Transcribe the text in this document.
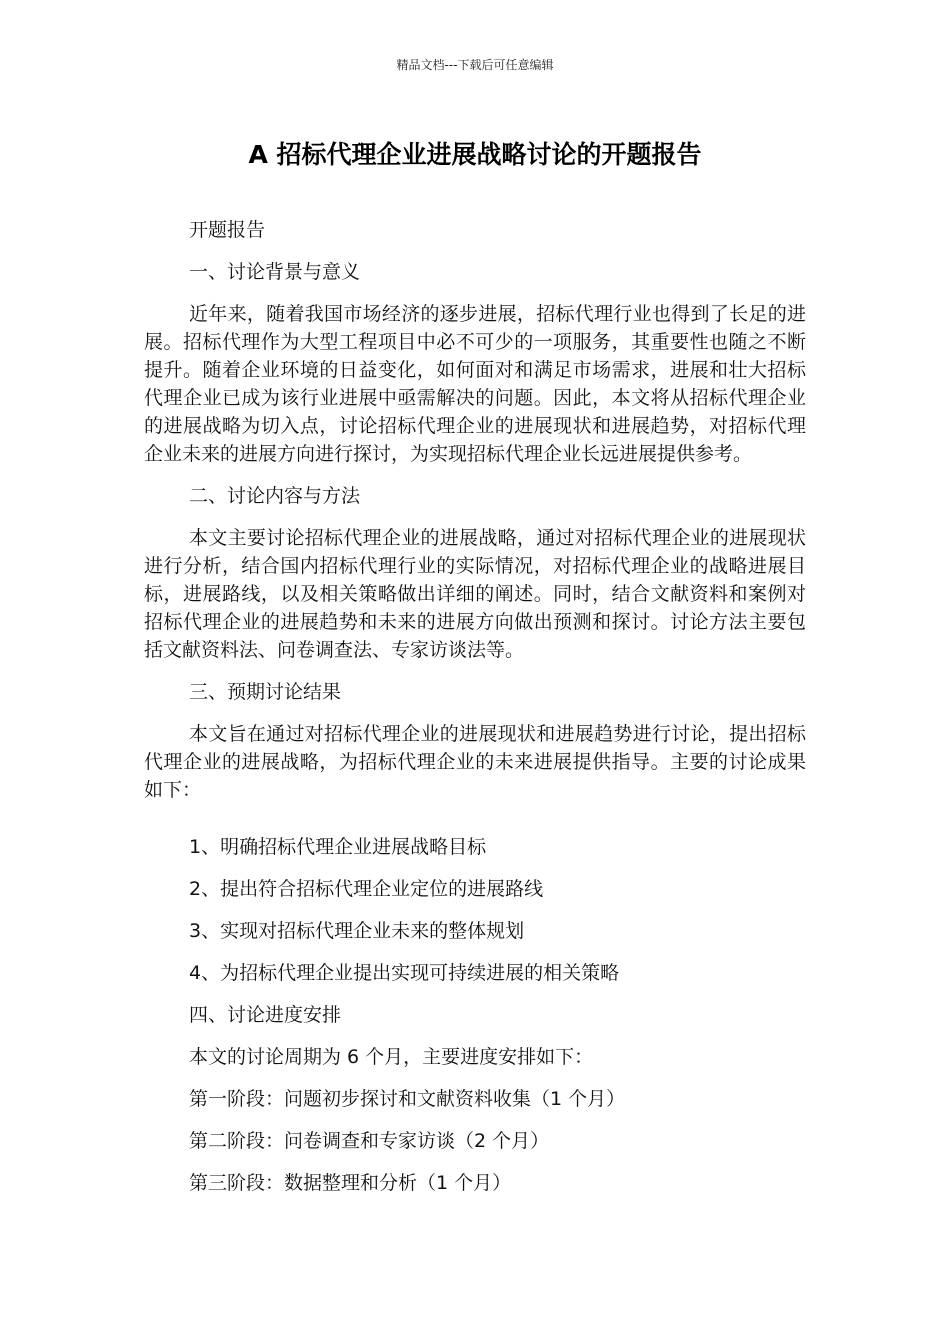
精品文档---下载后可任意编辑
A 招标代理企业进展战略讨论的开题报告

开题报告

一、讨论背景与意义

近年来，随着我国市场经济的逐步进展，招标代理行业也得到了长足的进展。招标代理作为大型工程项目中必不可少的一项服务，其重要性也随之不断提升。随着企业环境的日益变化，如何面对和满足市场需求，进展和壮大招标代理企业已成为该行业进展中亟需解决的问题。因此，本文将从招标代理企业的进展战略为切入点，讨论招标代理企业的进展现状和进展趋势，对招标代理企业未来的进展方向进行探讨，为实现招标代理企业长远进展提供参考。

二、讨论内容与方法

本文主要讨论招标代理企业的进展战略，通过对招标代理企业的进展现状进行分析，结合国内招标代理行业的实际情况，对招标代理企业的战略进展目标，进展路线，以及相关策略做出详细的阐述。同时，结合文献资料和案例对招标代理企业的进展趋势和未来的进展方向做出预测和探讨。讨论方法主要包括文献资料法、问卷调查法、专家访谈法等。

三、预期讨论结果

本文旨在通过对招标代理企业的进展现状和进展趋势进行讨论，提出招标代理企业的进展战略，为招标代理企业的未来进展提供指导。主要的讨论成果如下：

1、明确招标代理企业进展战略目标

2、提出符合招标代理企业定位的进展路线

3、实现对招标代理企业未来的整体规划

4、为招标代理企业提出实现可持续进展的相关策略

四、讨论进度安排

本文的讨论周期为 6 个月，主要进度安排如下：

第一阶段：问题初步探讨和文献资料收集（1 个月）

第二阶段：问卷调查和专家访谈（2 个月）

第三阶段：数据整理和分析（1 个月）
